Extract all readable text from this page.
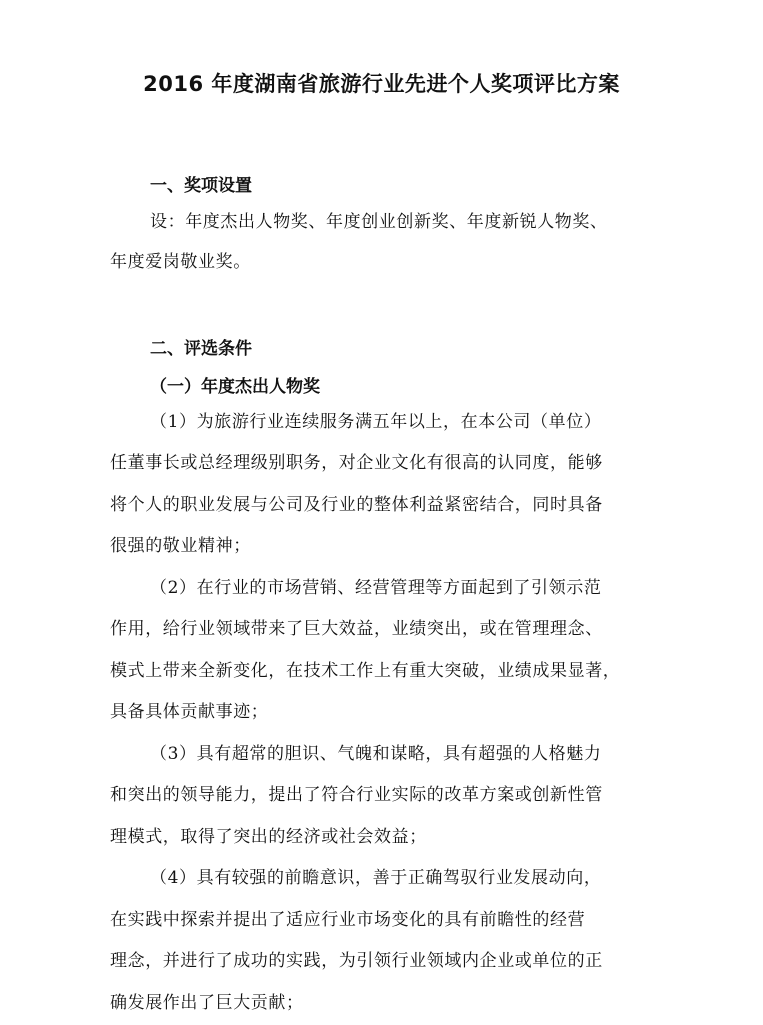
2016 年度湖南省旅游行业先进个人奖项评比方案
一、奖项设置

设：年度杰出人物奖、年度创业创新奖、年度新锐人物奖、

年度爱岗敬业奖。

二、评选条件
（一）年度杰出人物奖

（1）为旅游行业连续服务满五年以上，在本公司（单位）

任董事长或总经理级别职务，对企业文化有很高的认同度，能够

将个人的职业发展与公司及行业的整体利益紧密结合，同时具备

很强的敬业精神；

（2）在行业的市场营销、经营管理等方面起到了引领示范

作用，给行业领域带来了巨大效益，业绩突出，或在管理理念、

模式上带来全新变化，在技术工作上有重大突破，业绩成果显著，

具备具体贡献事迹；

（3）具有超常的胆识、气魄和谋略，具有超强的人格魅力

和突出的领导能力，提出了符合行业实际的改革方案或创新性管

理模式，取得了突出的经济或社会效益；

（4）具有较强的前瞻意识，善于正确驾驭行业发展动向，

在实践中探索并提出了适应行业市场变化的具有前瞻性的经营

理念，并进行了成功的实践，为引领行业领域内企业或单位的正

确发展作出了巨大贡献；
